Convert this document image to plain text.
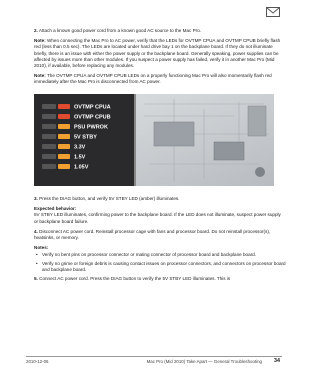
2. Attach a known good power cord from a known good AC source to the Mac Pro.

Note: When connecting the Mac Pro to AC power, verify that the LEDs for OVTMP CPUA and OVTMP CPUB briefly flash red (less than 0.5 sec). The LEDs are located under hard drive bay 1 on the backplane board. If they do not illuminate briefly, there is an issue with either the power supply or the backplane board. Generally speaking, power supplies can be affected by issues more than other modules. If you suspect a power supply has failed, verify it in another Mac Pro (Mid 2010), if available, before replacing any modules.

Note: The OVTMP CPUA and OVTMP CPUB LEDs on a properly functioning Mac Pro will also momentarily flash red immediately after the Mac Pro is disconnected from AC power.

OVTMP CPUA
OVTMP CPUB
PSU PWROK
5V STBY
3.3V
1.5V
1.05V

3. Press the DIAG button, and verify 5V STBY LED (amber) illuminates.

Expected behavior:

5V STBY LED illuminates, confirming power to the backplane board. If the LED does not illuminate, suspect power supply or backplane board failure.

4. Disconnect AC power cord. Reinstall processor cage with fans and processor board. Do not reinstall processor(s), heatsinks, or memory.

Notes:

• Verify no bent pins on processor connector or mating connector of processor board and backplane board.
• Verify no grime or foreign debris is causing contact issues on processor connectors, and connectors on processor board and backplane board.

5. Connect AC power cord. Press the DIAG button to verify the 5V STBY LED illuminates. This is

2010-12-06	Mac Pro (Mid 2010) Take Apart — General Troubleshooting 34
